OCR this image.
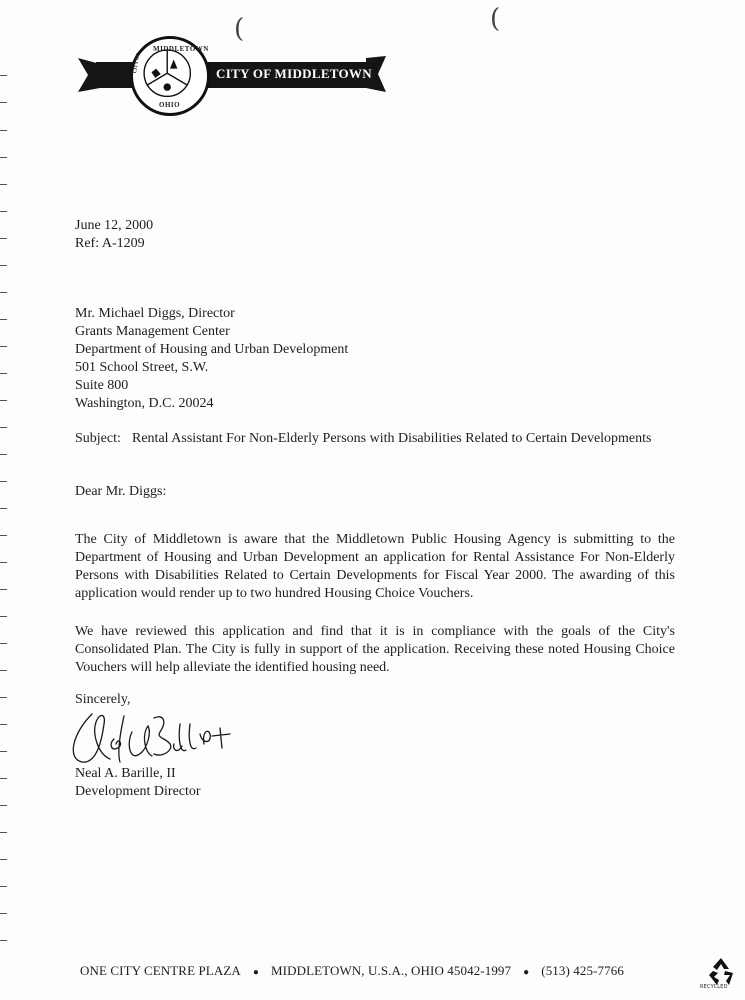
(	(
MIDDLETOWN
CITY OF
OHIO
CITY OF MIDDLETOWN
June 12, 2000
Ref: A-1209
Mr. Michael Diggs, Director
Grants Management Center
Department of Housing and Urban Development
501 School Street, S.W.
Suite 800
Washington, D.C. 20024
Subject: Rental Assistant For Non-Elderly Persons with Disabilities Related to Certain Developments
Dear Mr. Diggs:
The City of Middletown is aware that the Middletown Public Housing Agency is submitting to the Department of Housing and Urban Development an application for Rental Assistance For Non-Elderly Persons with Disabilities Related to Certain Developments for Fiscal Year 2000. The awarding of this application would render up to two hundred Housing Choice Vouchers.
We have reviewed this application and find that it is in compliance with the goals of the City's Consolidated Plan. The City is fully in support of the application. Receiving these noted Housing Choice Vouchers will help alleviate the identified housing need.
Sincerely,
Neal A. Barille, II
Development Director
ONE CITY CENTRE PLAZA ● MIDDLETOWN, U.S.A., OHIO 45042-1997 ● (513) 425-7766
RECYCLED
